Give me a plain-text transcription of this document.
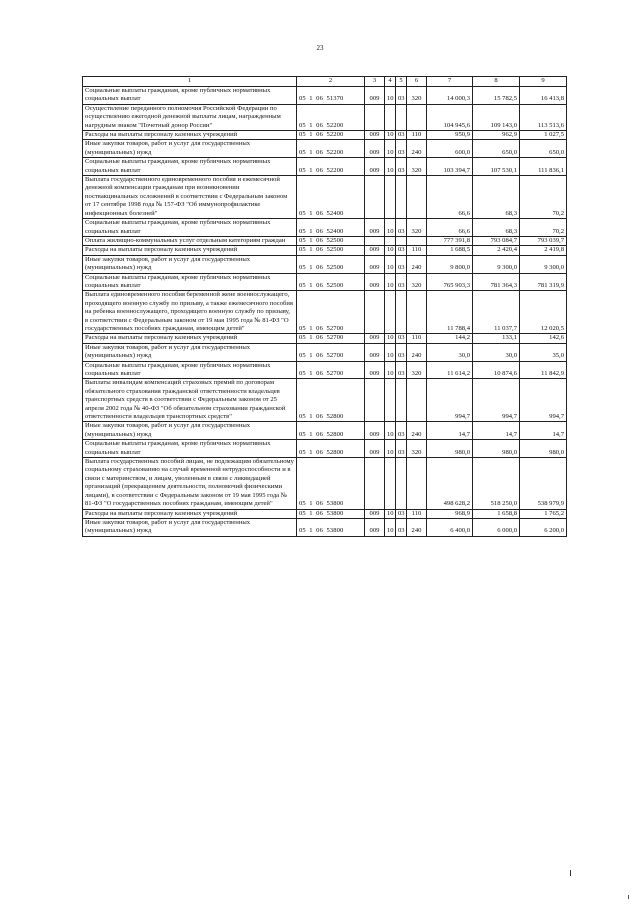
23
1	2	3	4	5	6	7	8	9
Социальные выплаты гражданам, кроме публичных нормативных социальных выплат	05  1  06  51370	009	10	03	320	14 000,3	15 782,5	16 413,8
Осуществление переданного полномочия Российской Федерации по осуществлению ежегодной денежной выплаты лицам, награжденным нагрудным знаком "Почетный донор России"	05  1  06  52200					104 945,6	109 143,0	113 513,6
Расходы на выплаты персоналу казенных учреждений	05  1  06  52200	009	10	03	110	950,9	962,9	1 027,5
Иные закупки товаров, работ и услуг для государственных (муниципальных) нужд	05  1  06  52200	009	10	03	240	600,0	650,0	650,0
Социальные выплаты гражданам, кроме публичных нормативных социальных выплат	05  1  06  52200	009	10	03	320	103 394,7	107 530,1	111 836,1
Выплата государственного единовременного пособия и ежемесячной денежной компенсации гражданам при возникновении поствакцинальных осложнений в соответствии с Федеральным законом от 17 сентября 1998 года № 157-ФЗ "Об иммунопрофилактике инфекционных болезней"	05  1  06  52400					66,6	68,3	70,2
Социальные выплаты гражданам, кроме публичных нормативных социальных выплат	05  1  06  52400	009	10	03	320	66,6	68,3	70,2
Оплата жилищно-коммунальных услуг отдельным категориям граждан	05  1  06  52500					777 391,8	793 084,7	793 039,7
Расходы на выплаты персоналу казенных учреждений	05  1  06  52500	009	10	03	110	1 688,5	2 420,4	2 419,8
Иные закупки товаров, работ и услуг для государственных (муниципальных) нужд	05  1  06  52500	009	10	03	240	9 800,0	9 300,0	9 300,0
Социальные выплаты гражданам, кроме публичных нормативных социальных выплат	05  1  06  52500	009	10	03	320	765 903,3	781 364,3	781 319,9
Выплата единовременного пособия беременной жене военнослужащего, проходящего военную службу по призыву, а также ежемесячного пособия на ребенка военнослужащего, проходящего военную службу по призыву, в соответствии с Федеральным законом от 19 мая 1995 года № 81-ФЗ "О государственных пособиях гражданам, имеющим детей"	05  1  06  52700					11 788,4	11 037,7	12 020,5
Расходы на выплаты персоналу казенных учреждений	05  1  06  52700	009	10	03	110	144,2	133,1	142,6
Иные закупки товаров, работ и услуг для государственных (муниципальных) нужд	05  1  06  52700	009	10	03	240	30,0	30,0	35,0
Социальные выплаты гражданам, кроме публичных нормативных социальных выплат	05  1  06  52700	009	10	03	320	11 614,2	10 874,6	11 842,9
Выплаты инвалидам компенсаций страховых премий по договорам обязательного страхования гражданской ответственности владельцев транспортных средств в соответствии с Федеральным законом от 25 апреля 2002 года № 40-ФЗ "Об обязательном страховании гражданской ответственности владельцев транспортных средств"	05  1  06  52800					994,7	994,7	994,7
Иные закупки товаров, работ и услуг для государственных (муниципальных) нужд	05  1  06  52800	009	10	03	240	14,7	14,7	14,7
Социальные выплаты гражданам, кроме публичных нормативных социальных выплат	05  1  06  52800	009	10	03	320	980,0	980,0	980,0
Выплата государственных пособий лицам, не подлежащим обязательному социальному страхованию на случай временной нетрудоспособности и в связи с материнством, и лицам, уволенным в связи с ликвидацией организаций (прекращением деятельности, полномочий физическими лицами), в соответствии с Федеральным законом от 19 мая 1995 года № 81-ФЗ "О государственных пособиях гражданам, имеющим детей"	05  1  06  53800					498 628,2	518 250,0	538 979,9
Расходы на выплаты персоналу казенных учреждений	05  1  06  53800	009	10	03	110	968,9	1 658,8	1 765,2
Иные закупки товаров, работ и услуг для государственных (муниципальных) нужд	05  1  06  53800	009	10	03	240	6 400,0	6 000,0	6 200,0
